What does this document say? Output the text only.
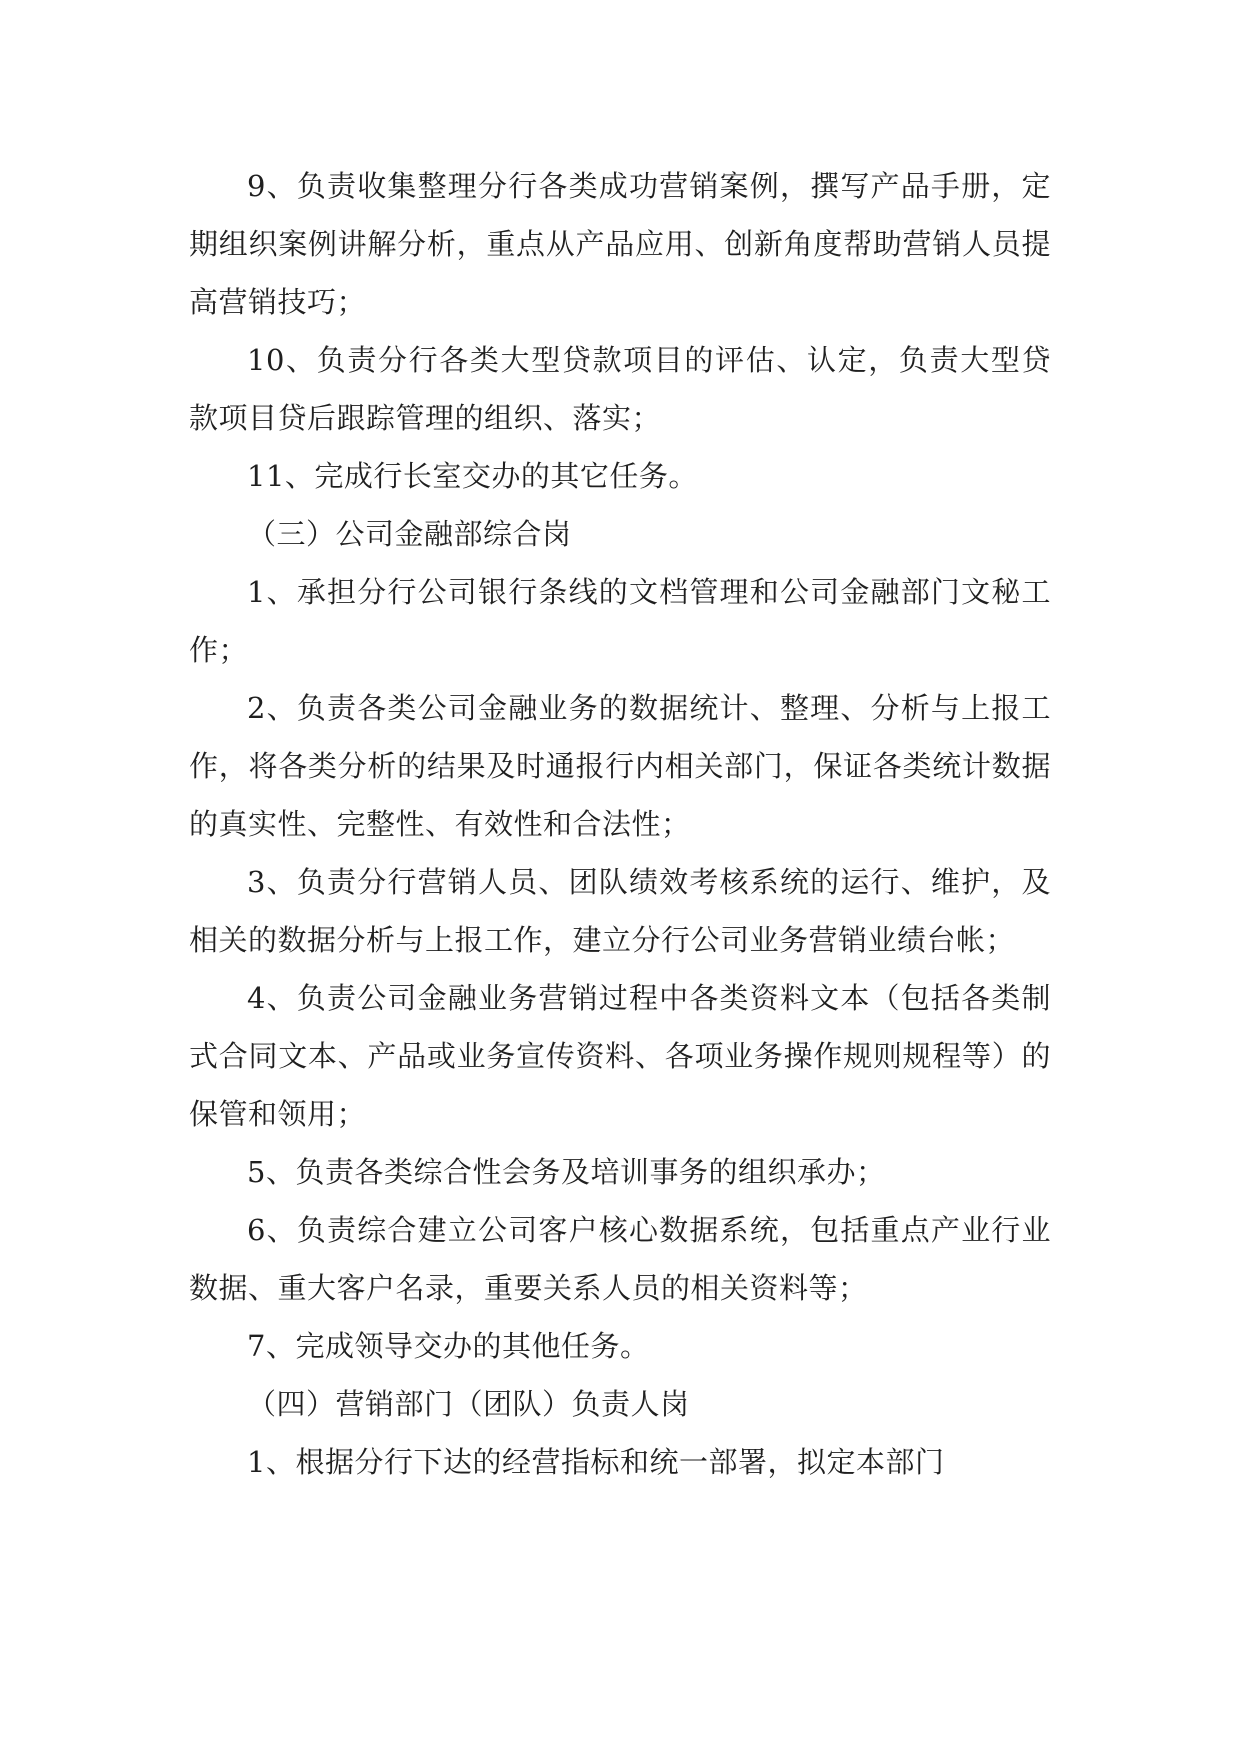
9、负责收集整理分行各类成功营销案例，撰写产品手册，定期组织案例讲解分析，重点从产品应用、创新角度帮助营销人员提高营销技巧；

10、负责分行各类大型贷款项目的评估、认定，负责大型贷款项目贷后跟踪管理的组织、落实；

11、完成行长室交办的其它任务。

（三）公司金融部综合岗

1、承担分行公司银行条线的文档管理和公司金融部门文秘工作；

2、负责各类公司金融业务的数据统计、整理、分析与上报工作，将各类分析的结果及时通报行内相关部门，保证各类统计数据的真实性、完整性、有效性和合法性；

3、负责分行营销人员、团队绩效考核系统的运行、维护，及相关的数据分析与上报工作，建立分行公司业务营销业绩台帐；

4、负责公司金融业务营销过程中各类资料文本（包括各类制式合同文本、产品或业务宣传资料、各项业务操作规则规程等）的保管和领用；

5、负责各类综合性会务及培训事务的组织承办；

6、负责综合建立公司客户核心数据系统，包括重点产业行业数据、重大客户名录，重要关系人员的相关资料等；

7、完成领导交办的其他任务。

（四）营销部门（团队）负责人岗

1、根据分行下达的经营指标和统一部署，拟定本部门
